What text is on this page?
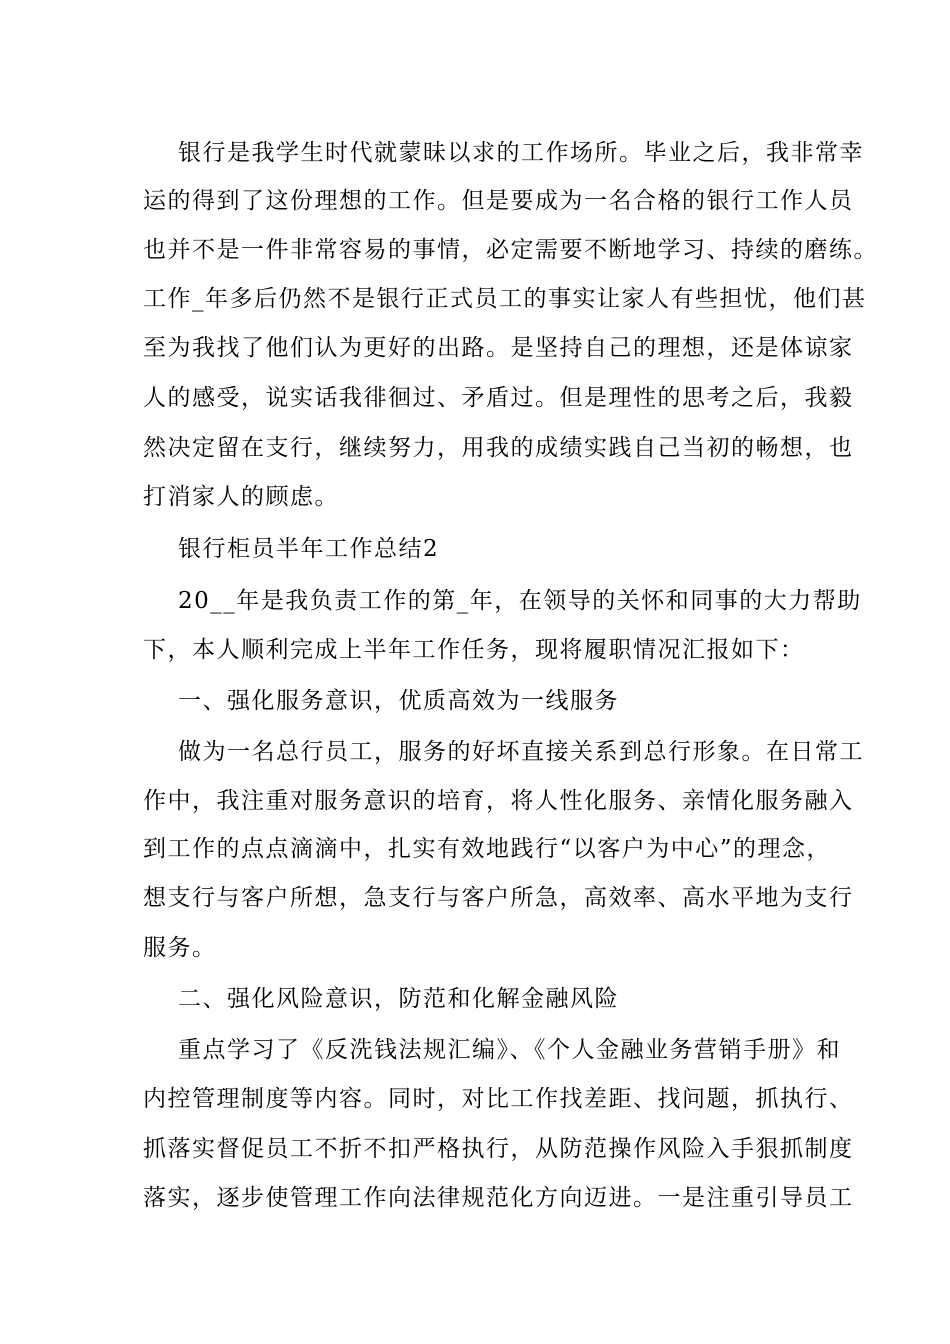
银行是我学生时代就蒙昧以求的工作场所。毕业之后，我非常幸
运的得到了这份理想的工作。但是要成为一名合格的银行工作人员
也并不是一件非常容易的事情，必定需要不断地学习、持续的磨练。
工作_年多后仍然不是银行正式员工的事实让家人有些担忧，他们甚
至为我找了他们认为更好的出路。是坚持自己的理想，还是体谅家
人的感受，说实话我徘徊过、矛盾过。但是理性的思考之后，我毅
然决定留在支行，继续努力，用我的成绩实践自己当初的畅想，也
打消家人的顾虑。
银行柜员半年工作总结2
20__年是我负责工作的第_年，在领导的关怀和同事的大力帮助
下，本人顺利完成上半年工作任务，现将履职情况汇报如下：
一、强化服务意识，优质高效为一线服务
做为一名总行员工，服务的好坏直接关系到总行形象。在日常工
作中，我注重对服务意识的培育，将人性化服务、亲情化服务融入
到工作的点点滴滴中，扎实有效地践行“以客户为中心”的理念，
想支行与客户所想，急支行与客户所急，高效率、高水平地为支行
服务。
二、强化风险意识，防范和化解金融风险
重点学习了《反洗钱法规汇编》、《个人金融业务营销手册》和
内控管理制度等内容。同时，对比工作找差距、找问题，抓执行、
抓落实督促员工不折不扣严格执行，从防范操作风险入手狠抓制度
落实，逐步使管理工作向法律规范化方向迈进。一是注重引导员工
